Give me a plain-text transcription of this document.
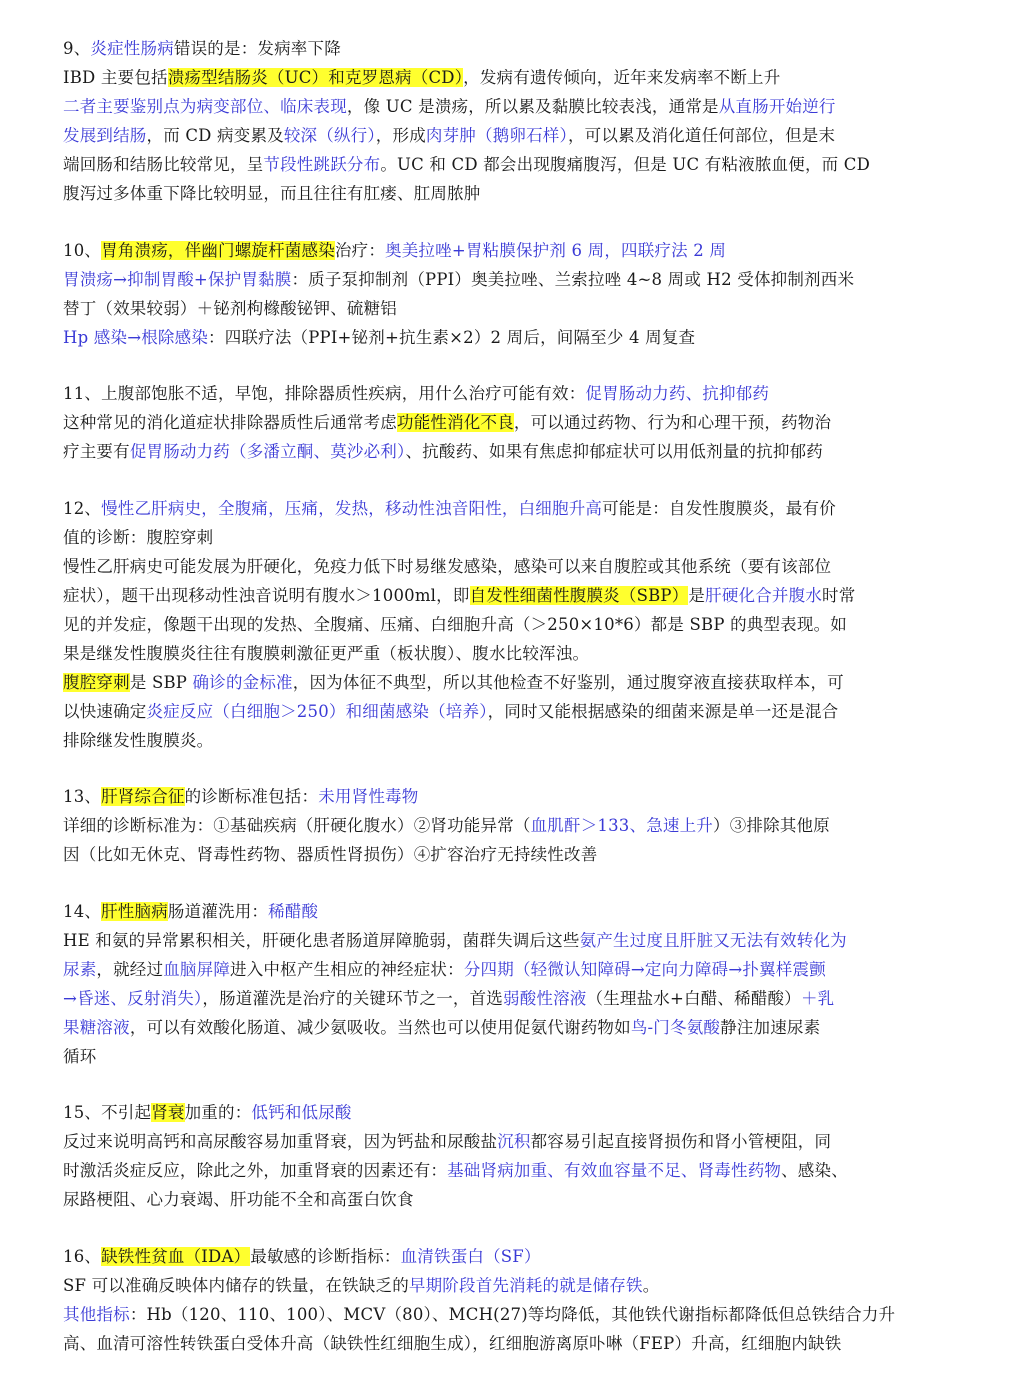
9、炎症性肠病错误的是：发病率下降
IBD 主要包括溃疡型结肠炎（UC）和克罗恩病（CD），发病有遗传倾向，近年来发病率不断上升
二者主要鉴别点为病变部位、临床表现，像 UC 是溃疡，所以累及黏膜比较表浅，通常是从直肠开始逆行
发展到结肠，而 CD 病变累及较深（纵行），形成肉芽肿（鹅卵石样），可以累及消化道任何部位，但是末
端回肠和结肠比较常见，呈节段性跳跃分布。UC 和 CD 都会出现腹痛腹泻，但是 UC 有粘液脓血便，而 CD
腹泻过多体重下降比较明显，而且往往有肛瘘、肛周脓肿
10、胃角溃疡，伴幽门螺旋杆菌感染治疗：奥美拉唑+胃粘膜保护剂 6 周，四联疗法 2 周
胃溃疡→抑制胃酸+保护胃黏膜：质子泵抑制剂（PPI）奥美拉唑、兰索拉唑 4~8 周或 H2 受体抑制剂西米
替丁（效果较弱）＋铋剂枸橼酸铋钾、硫糖铝
Hp 感染→根除感染：四联疗法（PPI+铋剂+抗生素×2）2 周后，间隔至少 4 周复查
11、上腹部饱胀不适，早饱，排除器质性疾病，用什么治疗可能有效：促胃肠动力药、抗抑郁药
这种常见的消化道症状排除器质性后通常考虑功能性消化不良，可以通过药物、行为和心理干预，药物治
疗主要有促胃肠动力药（多潘立酮、莫沙必利）、抗酸药、如果有焦虑抑郁症状可以用低剂量的抗抑郁药
12、慢性乙肝病史，全腹痛，压痛，发热，移动性浊音阳性，白细胞升高可能是：自发性腹膜炎，最有价
值的诊断：腹腔穿刺
慢性乙肝病史可能发展为肝硬化，免疫力低下时易继发感染，感染可以来自腹腔或其他系统（要有该部位
症状），题干出现移动性浊音说明有腹水＞1000ml，即自发性细菌性腹膜炎（SBP）是肝硬化合并腹水时常
见的并发症，像题干出现的发热、全腹痛、压痛、白细胞升高（＞250×10*6）都是 SBP 的典型表现。如
果是继发性腹膜炎往往有腹膜刺激征更严重（板状腹）、腹水比较浑浊。
腹腔穿刺是 SBP 确诊的金标准，因为体征不典型，所以其他检查不好鉴别，通过腹穿液直接获取样本，可
以快速确定炎症反应（白细胞＞250）和细菌感染（培养），同时又能根据感染的细菌来源是单一还是混合
排除继发性腹膜炎。
13、肝肾综合征的诊断标准包括：未用肾性毒物
详细的诊断标准为：①基础疾病（肝硬化腹水）②肾功能异常（血肌酐＞133、急速上升）③排除其他原
因（比如无休克、肾毒性药物、器质性肾损伤）④扩容治疗无持续性改善
14、肝性脑病肠道灌洗用：稀醋酸
HE 和氨的异常累积相关，肝硬化患者肠道屏障脆弱，菌群失调后这些氨产生过度且肝脏又无法有效转化为
尿素，就经过血脑屏障进入中枢产生相应的神经症状：分四期（轻微认知障碍→定向力障碍→扑翼样震颤
→昏迷、反射消失），肠道灌洗是治疗的关键环节之一，首选弱酸性溶液（生理盐水+白醋、稀醋酸）＋乳
果糖溶液，可以有效酸化肠道、减少氨吸收。当然也可以使用促氨代谢药物如鸟-门冬氨酸静注加速尿素
循环
15、不引起肾衰加重的：低钙和低尿酸
反过来说明高钙和高尿酸容易加重肾衰，因为钙盐和尿酸盐沉积都容易引起直接肾损伤和肾小管梗阻，同
时激活炎症反应，除此之外，加重肾衰的因素还有：基础肾病加重、有效血容量不足、肾毒性药物、感染、
尿路梗阻、心力衰竭、肝功能不全和高蛋白饮食
16、缺铁性贫血（IDA）最敏感的诊断指标：血清铁蛋白（SF）
SF 可以准确反映体内储存的铁量，在铁缺乏的早期阶段首先消耗的就是储存铁。
其他指标：Hb（120、110、100）、MCV（80）、MCH(27)等均降低，其他铁代谢指标都降低但总铁结合力升
高、血清可溶性转铁蛋白受体升高（缺铁性红细胞生成），红细胞游离原卟啉（FEP）升高，红细胞内缺铁
